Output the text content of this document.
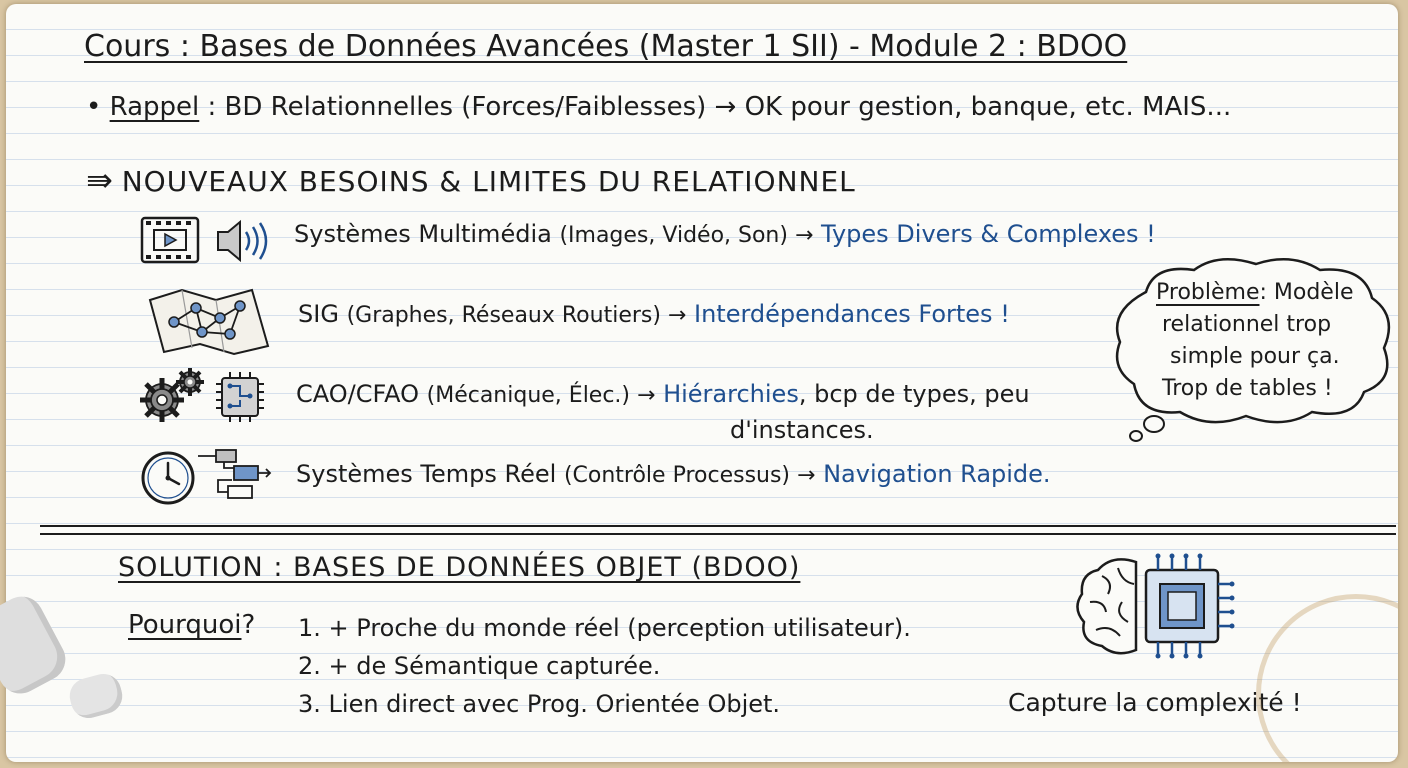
Cours : Bases de Données Avancées (Master 1 SII) - Module 2 : BDOO
• Rappel : BD Relationnelles (Forces/Faiblesses) → OK pour gestion, banque, etc. MAIS...
⇛ NOUVEAUX BESOINS & LIMITES DU RELATIONNEL
Systèmes Multimédia (Images, Vidéo, Son) → Types Divers & Complexes !
SIG (Graphes, Réseaux Routiers) → Interdépendances Fortes !
CAO/CFAO (Mécanique, Élec.) → Hiérarchies, bcp de types, peu
d'instances.
Systèmes Temps Réel (Contrôle Processus) → Navigation Rapide.
Problème: Modèle
relationnel trop
simple pour ça.
Trop de tables !
SOLUTION : BASES DE DONNÉES OBJET (BDOO)
Pourquoi? 1. + Proche du monde réel (perception utilisateur).
2. + de Sémantique capturée.
3. Lien direct avec Prog. Orientée Objet.	Capture la complexité !
